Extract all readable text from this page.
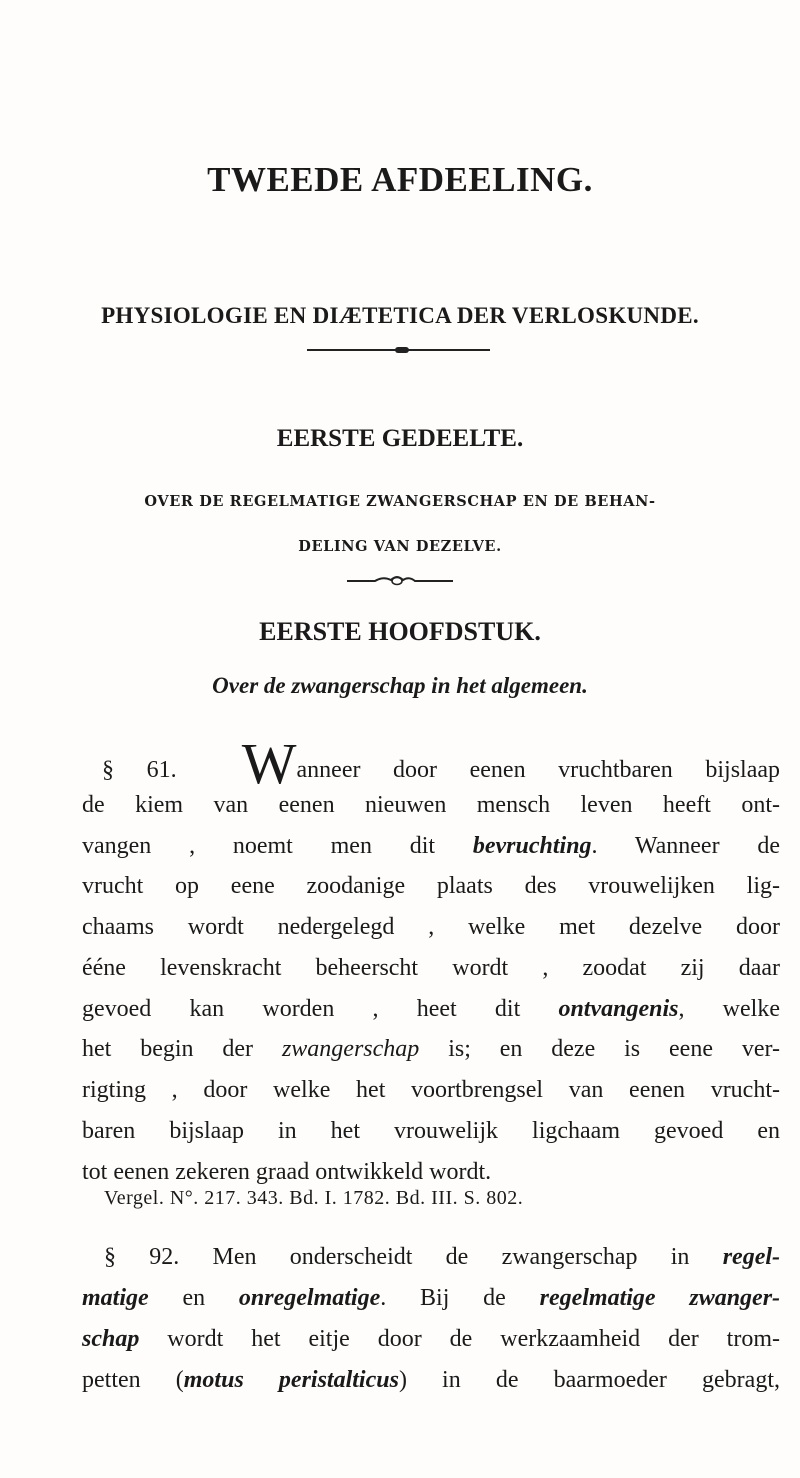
TWEEDE AFDEELING.
PHYSIOLOGIE EN DIÆTETICA DER VERLOSKUNDE.
EERSTE GEDEELTE.
OVER DE REGELMATIGE ZWANGERSCHAP EN DE BEHAN-
DELING VAN DEZELVE.
EERSTE HOOFDSTUK.
Over de zwangerschap in het algemeen.
§ 61. Wanneer door eenen vruchtbaren bijslaap
de kiem van eenen nieuwen mensch leven heeft ont-
vangen , noemt men dit bevruchting. Wanneer de
vrucht op eene zoodanige plaats des vrouwelijken lig-
chaams wordt nedergelegd , welke met dezelve door
ééne levenskracht beheerscht wordt , zoodat zij daar
gevoed kan worden , heet dit ontvangenis, welke
het begin der zwangerschap is; en deze is eene ver-
rigting , door welke het voortbrengsel van eenen vrucht-
baren bijslaap in het vrouwelijk ligchaam gevoed en
tot eenen zekeren graad ontwikkeld wordt.
Vergel. N°. 217. 343. Bd. I. 1782. Bd. III. S. 802.
§ 92. Men onderscheidt de zwangerschap in regel-
matige en onregelmatige. Bij de regelmatige zwanger-
schap wordt het eitje door de werkzaamheid der trom-
petten (motus peristalticus) in de baarmoeder gebragt,
